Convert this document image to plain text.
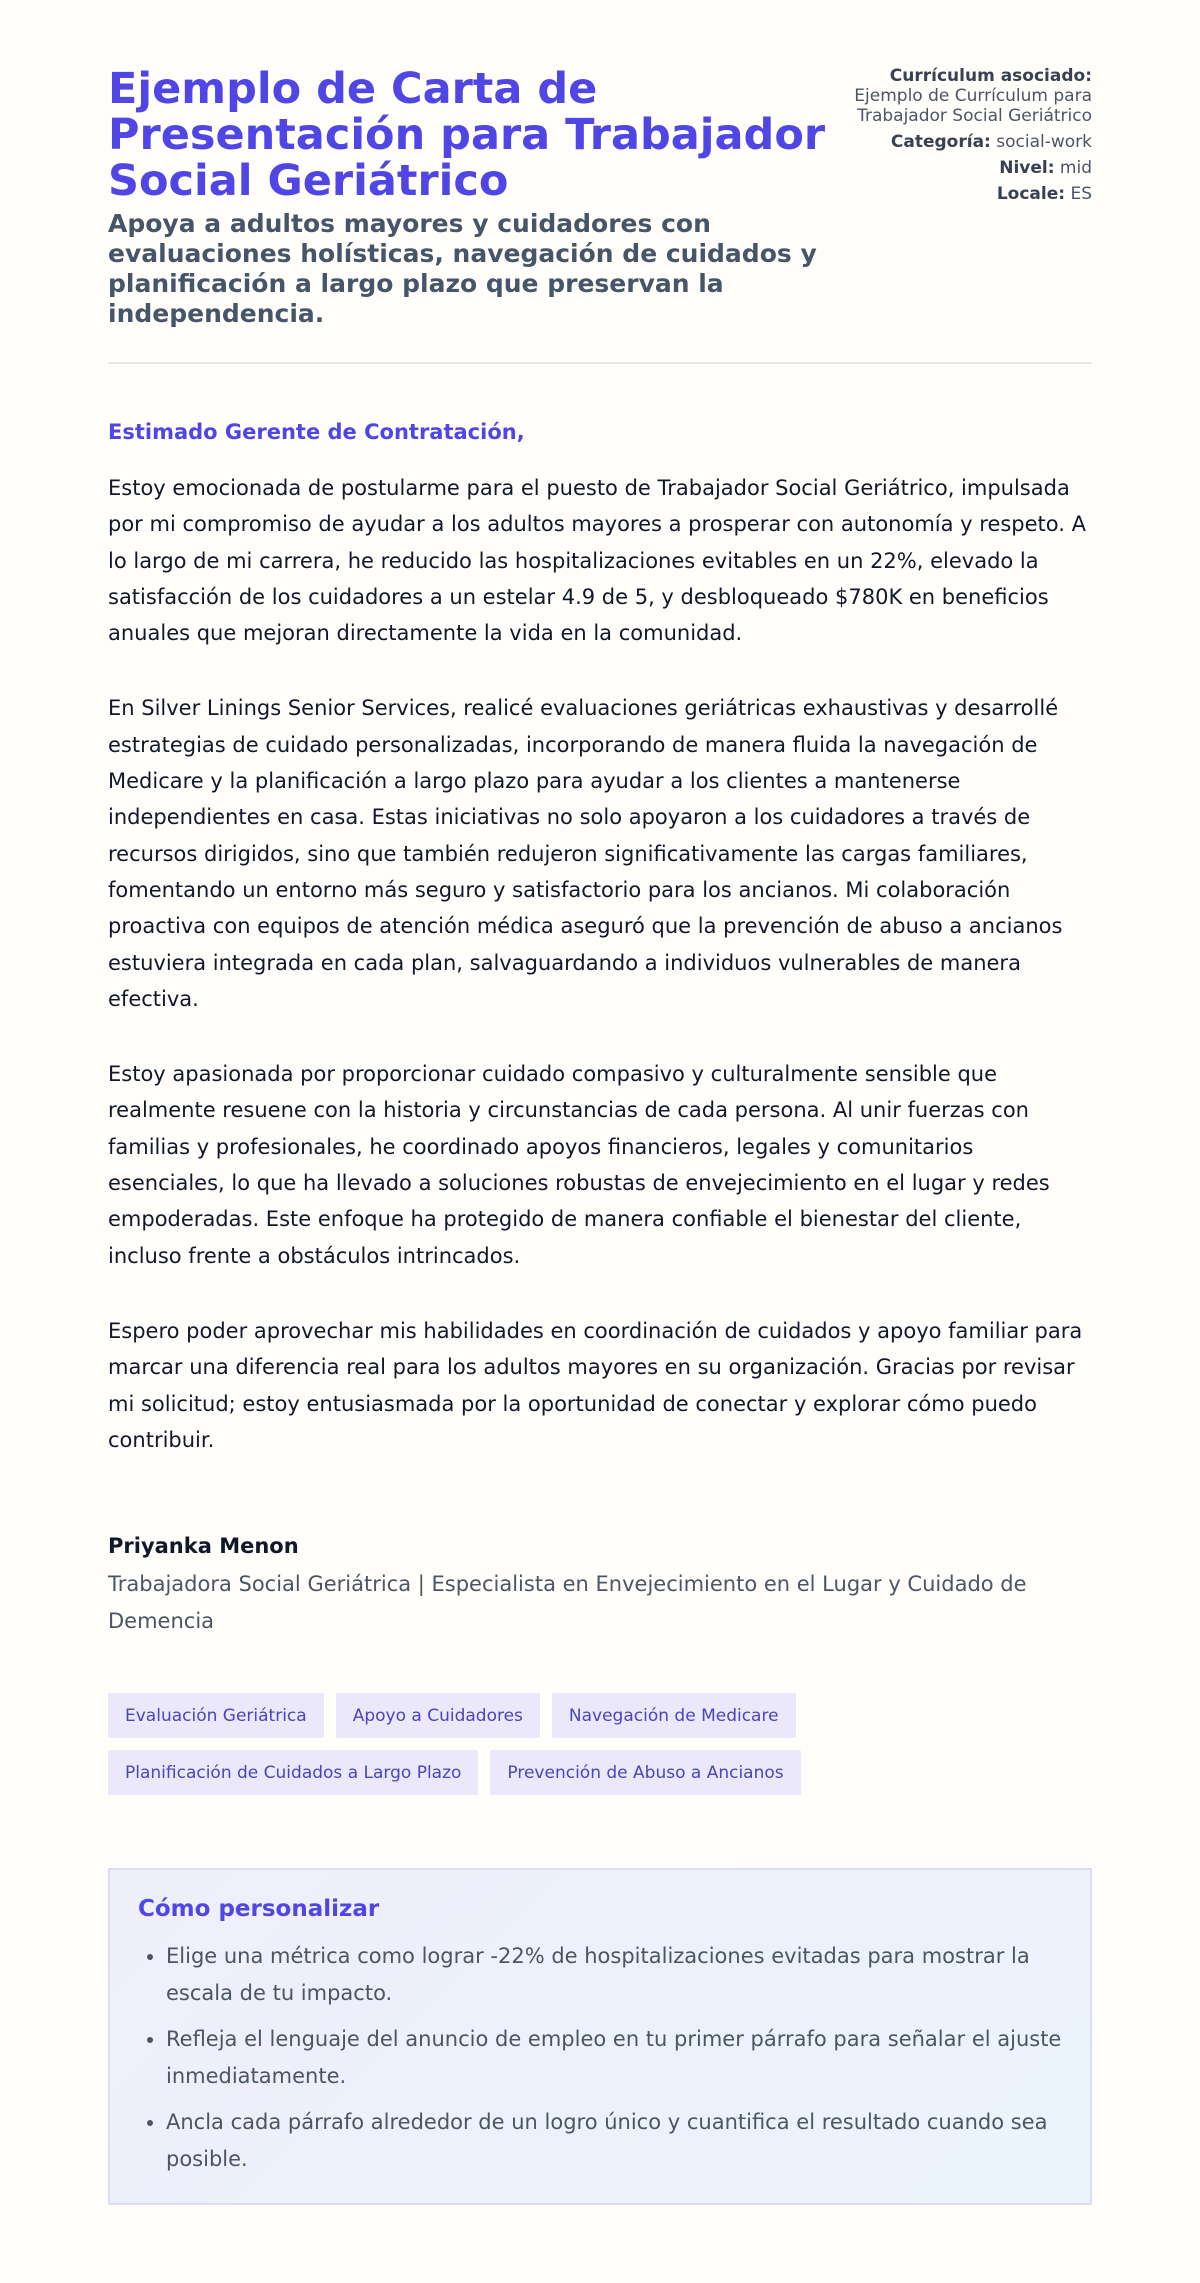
Ejemplo de Carta de Presentación para Trabajador Social Geriátrico

Apoya a adultos mayores y cuidadores con evaluaciones holísticas, navegación de cuidados y planificación a largo plazo que preservan la independencia.

Currículum asociado:
Ejemplo de Currículum para Trabajador Social Geriátrico
Categoría: social-work
Nivel: mid
Locale: ES
Estimado Gerente de Contratación,

Estoy emocionada de postularme para el puesto de Trabajador Social Geriátrico, impulsada por mi compromiso de ayudar a los adultos mayores a prosperar con autonomía y respeto. A lo largo de mi carrera, he reducido las hospitalizaciones evitables en un 22%, elevado la satisfacción de los cuidadores a un estelar 4.9 de 5, y desbloqueado $780K en beneficios anuales que mejoran directamente la vida en la comunidad.

En Silver Linings Senior Services, realicé evaluaciones geriátricas exhaustivas y desarrollé estrategias de cuidado personalizadas, incorporando de manera fluida la navegación de Medicare y la planificación a largo plazo para ayudar a los clientes a mantenerse independientes en casa. Estas iniciativas no solo apoyaron a los cuidadores a través de recursos dirigidos, sino que también redujeron significativamente las cargas familiares, fomentando un entorno más seguro y satisfactorio para los ancianos. Mi colaboración proactiva con equipos de atención médica aseguró que la prevención de abuso a ancianos estuviera integrada en cada plan, salvaguardando a individuos vulnerables de manera efectiva.

Estoy apasionada por proporcionar cuidado compasivo y culturalmente sensible que realmente resuene con la historia y circunstancias de cada persona. Al unir fuerzas con familias y profesionales, he coordinado apoyos financieros, legales y comunitarios esenciales, lo que ha llevado a soluciones robustas de envejecimiento en el lugar y redes empoderadas. Este enfoque ha protegido de manera confiable el bienestar del cliente, incluso frente a obstáculos intrincados.

Espero poder aprovechar mis habilidades en coordinación de cuidados y apoyo familiar para marcar una diferencia real para los adultos mayores en su organización. Gracias por revisar mi solicitud; estoy entusiasmada por la oportunidad de conectar y explorar cómo puedo contribuir.

Priyanka Menon
Trabajadora Social Geriátrica | Especialista en Envejecimiento en el Lugar y Cuidado de Demencia
Evaluación Geriátrica	Apoyo a Cuidadores	Navegación de Medicare
Planificación de Cuidados a Largo Plazo	Prevención de Abuso a Ancianos
Cómo personalizar
• Elige una métrica como lograr -22% de hospitalizaciones evitadas para mostrar la escala de tu impacto.
• Refleja el lenguaje del anuncio de empleo en tu primer párrafo para señalar el ajuste inmediatamente.
• Ancla cada párrafo alrededor de un logro único y cuantifica el resultado cuando sea posible.
